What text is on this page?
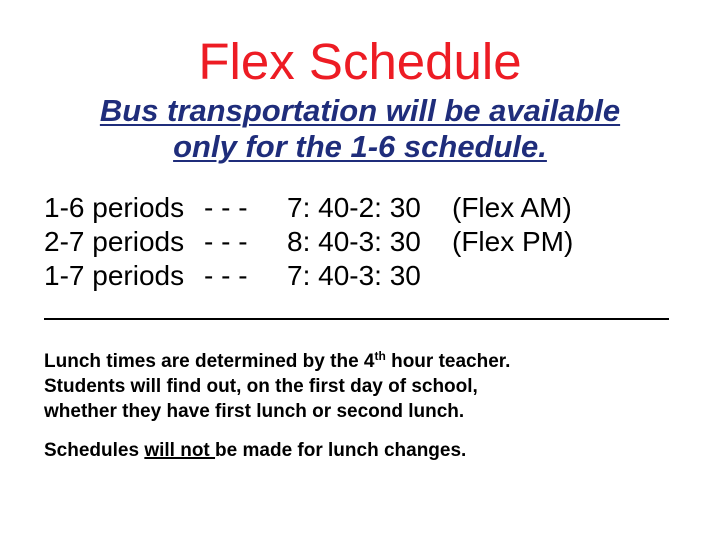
Flex Schedule
Bus transportation will be available
only for the 1-6 schedule.
1-6 periods - - - 7: 40-2: 30 (Flex AM)
2-7 periods - - - 8: 40-3: 30 (Flex PM)
1-7 periods - - - 7: 40-3: 30
Lunch times are determined by the 4th hour teacher.
Students will find out, on the first day of school,
whether they have first lunch or second lunch.
Schedules will not be made for lunch changes.
